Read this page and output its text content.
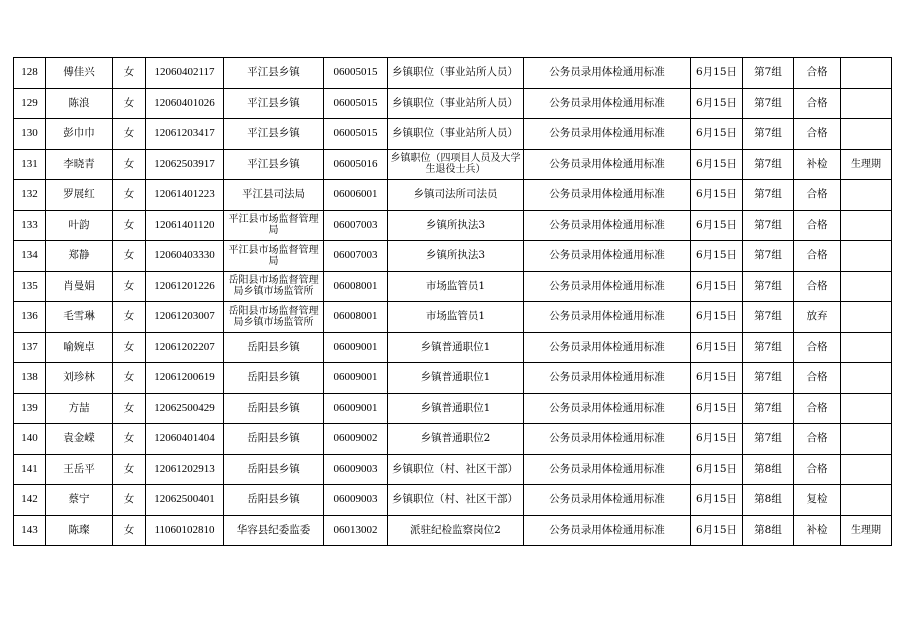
128	傅佳兴	女	12060402117	平江县乡镇	06005015	乡镇职位（事业站所人员）	公务员录用体检通用标准	6月15日	第7组	合格	
129	陈浪	女	12060401026	平江县乡镇	06005015	乡镇职位（事业站所人员）	公务员录用体检通用标准	6月15日	第7组	合格	
130	彭巾巾	女	12061203417	平江县乡镇	06005015	乡镇职位（事业站所人员）	公务员录用体检通用标准	6月15日	第7组	合格	
131	李晓青	女	12062503917	平江县乡镇	06005016	乡镇职位（四项目人员及大学生退役士兵）	公务员录用体检通用标准	6月15日	第7组	补检	生理期
132	罗展红	女	12061401223	平江县司法局	06006001	乡镇司法所司法员	公务员录用体检通用标准	6月15日	第7组	合格	
133	叶韵	女	12061401120	平江县市场监督管理局	06007003	乡镇所执法3	公务员录用体检通用标准	6月15日	第7组	合格	
134	郑静	女	12060403330	平江县市场监督管理局	06007003	乡镇所执法3	公务员录用体检通用标准	6月15日	第7组	合格	
135	肖曼娟	女	12061201226	岳阳县市场监督管理局乡镇市场监管所	06008001	市场监管员1	公务员录用体检通用标准	6月15日	第7组	合格	
136	毛雪琳	女	12061203007	岳阳县市场监督管理局乡镇市场监管所	06008001	市场监管员1	公务员录用体检通用标准	6月15日	第7组	放弃	
137	喻婉卓	女	12061202207	岳阳县乡镇	06009001	乡镇普通职位1	公务员录用体检通用标准	6月15日	第7组	合格	
138	刘珍林	女	12061200619	岳阳县乡镇	06009001	乡镇普通职位1	公务员录用体检通用标准	6月15日	第7组	合格	
139	方喆	女	12062500429	岳阳县乡镇	06009001	乡镇普通职位1	公务员录用体检通用标准	6月15日	第7组	合格	
140	袁金嵘	女	12060401404	岳阳县乡镇	06009002	乡镇普通职位2	公务员录用体检通用标准	6月15日	第7组	合格	
141	王岳平	女	12061202913	岳阳县乡镇	06009003	乡镇职位（村、社区干部）	公务员录用体检通用标准	6月15日	第8组	合格	
142	蔡宁	女	12062500401	岳阳县乡镇	06009003	乡镇职位（村、社区干部）	公务员录用体检通用标准	6月15日	第8组	复检	
143	陈璨	女	11060102810	华容县纪委监委	06013002	派驻纪检监察岗位2	公务员录用体检通用标准	6月15日	第8组	补检	生理期
